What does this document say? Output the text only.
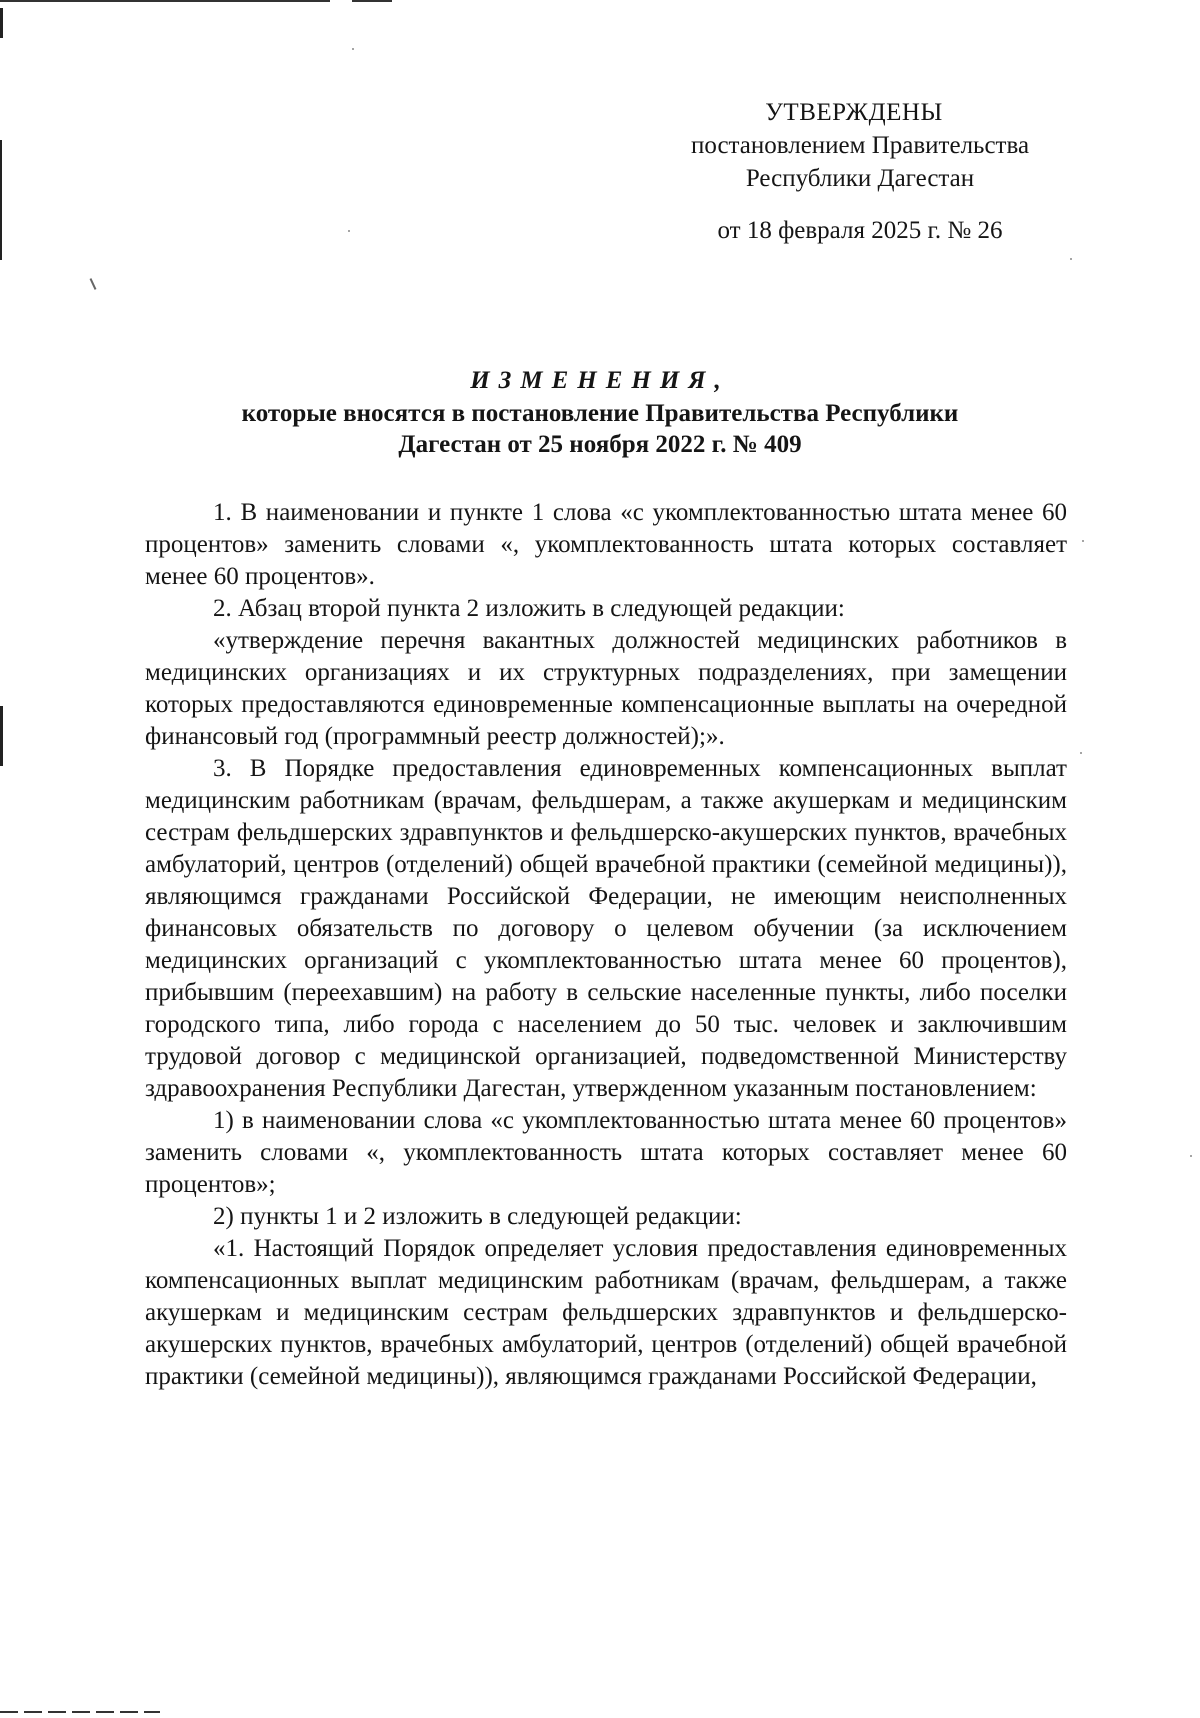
УТВЕРЖДЕНЫ
постановлением Правительства
Республики Дагестан
от 18 февраля 2025 г. № 26
ИЗМЕНЕНИЯ,
которые вносятся в постановление Правительства Республики
Дагестан от 25 ноября 2022 г. № 409

1. В наименовании и пункте 1 слова «с укомплектованностью штата менее 60 процентов» заменить словами «, укомплектованность штата которых составляет менее 60 процентов».

2. Абзац второй пункта 2 изложить в следующей редакции:

«утверждение перечня вакантных должностей медицинских работников в медицинских организациях и их структурных подразделениях, при замещении которых предоставляются единовременные компенсационные выплаты на очередной финансовый год (программный реестр должностей);».

3. В Порядке предоставления единовременных компенсационных выплат медицинским работникам (врачам, фельдшерам, а также акушеркам и медицинским сестрам фельдшерских здравпунктов и фельдшерско-акушерских пунктов, врачебных амбулаторий, центров (отделений) общей врачебной практики (семейной медицины)), являющимся гражданами Российской Федерации, не имеющим неисполненных финансовых обязательств по договору о целевом обучении (за исключением медицинских организаций с укомплектованностью штата менее 60 процентов), прибывшим (переехавшим) на работу в сельские населенные пункты, либо поселки городского типа, либо города с населением до 50 тыс. человек и заключившим трудовой договор с медицинской организацией, подведомственной Министерству здравоохранения Республики Дагестан, утвержденном указанным постановлением:

1) в наименовании слова «с укомплектованностью штата менее 60 процентов» заменить словами «, укомплектованность штата которых составляет менее 60 процентов»;

2) пункты 1 и 2 изложить в следующей редакции:

«1. Настоящий Порядок определяет условия предоставления единовременных компенсационных выплат медицинским работникам (врачам, фельдшерам, а также акушеркам и медицинским сестрам фельдшерских здравпунктов и фельдшерско-акушерских пунктов, врачебных амбулаторий, центров (отделений) общей врачебной практики (семейной медицины)), являющимся гражданами Российской Федерации,
